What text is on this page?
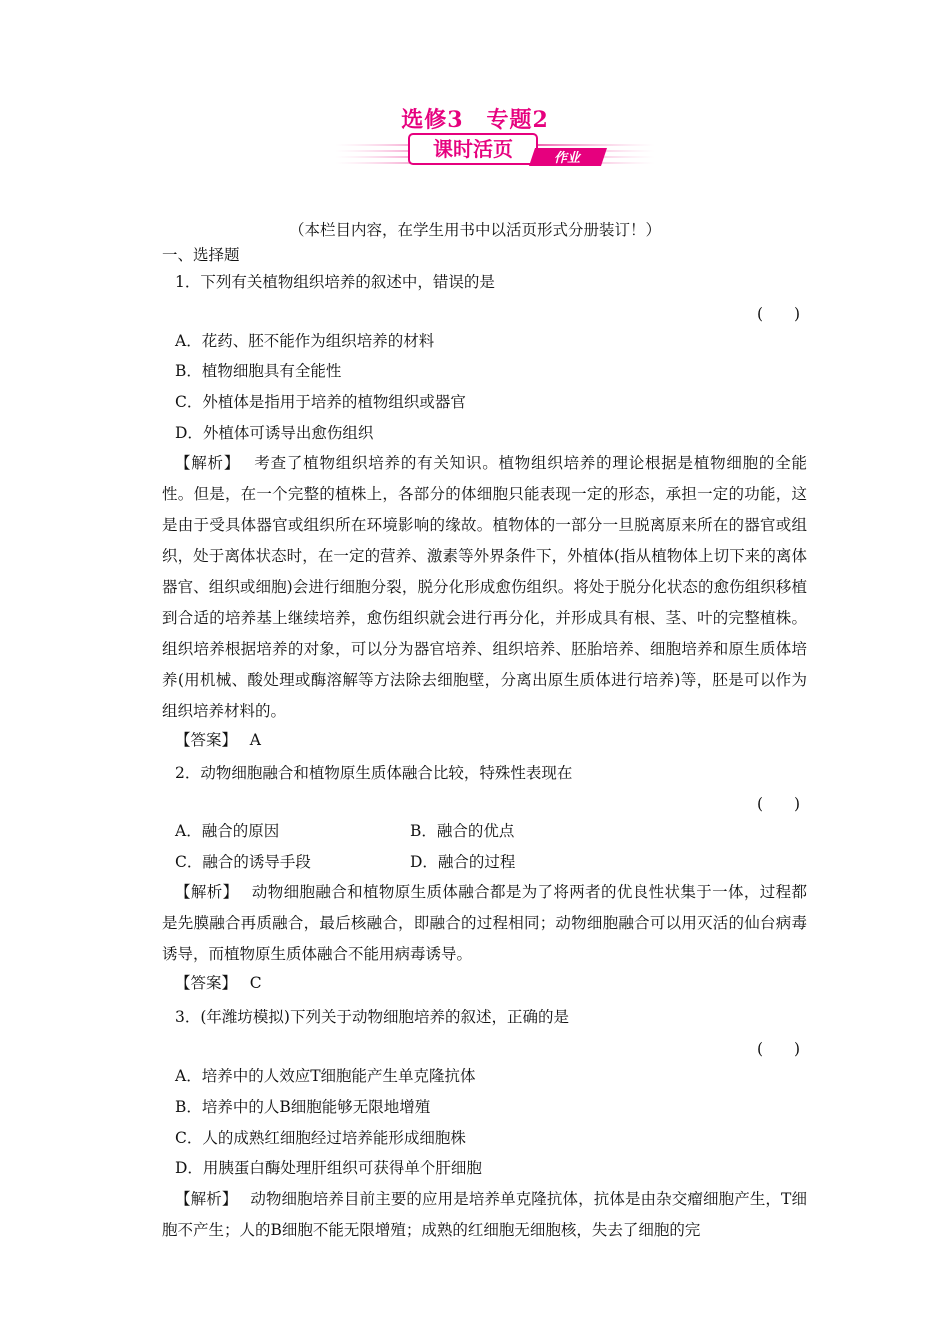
选修3　专题2
课时活页	作业
（本栏目内容，在学生用书中以活页形式分册装订！）
一、选择题
1．下列有关植物组织培养的叙述中，错误的是
(　　)
A．花药、胚不能作为组织培养的材料
B．植物细胞具有全能性
C．外植体是指用于培养的植物组织或器官
D．外植体可诱导出愈伤组织
【解析】　 考查了植物组织培养的有关知识。植物组织培养的理论根据是植物细胞的全能性。但是，在一个完整的植株上，各部分的体细胞只能表现一定的形态，承担一定的功能，这是由于受具体器官或组织所在环境影响的缘故。植物体的一部分一旦脱离原来所在的器官或组织，处于离体状态时，在一定的营养、激素等外界条件下，外植体(指从植物体上切下来的离体器官、组织或细胞)会进行细胞分裂，脱分化形成愈伤组织。将处于脱分化状态的愈伤组织移植到合适的培养基上继续培养，愈伤组织就会进行再分化，并形成具有根、茎、叶的完整植株。组织培养根据培养的对象，可以分为器官培养、组织培养、胚胎培养、细胞培养和原生质体培养(用机械、酸处理或酶溶解等方法除去细胞壁，分离出原生质体进行培养)等，胚是可以作为组织培养材料的。
【答案】　 A
2．动物细胞融合和植物原生质体融合比较，特殊性表现在
(　　)
A．融合的原因	B．融合的优点
C．融合的诱导手段	D．融合的过程
【解析】　 动物细胞融合和植物原生质体融合都是为了将两者的优良性状集于一体，过程都是先膜融合再质融合，最后核融合，即融合的过程相同；动物细胞融合可以用灭活的仙台病毒诱导，而植物原生质体融合不能用病毒诱导。
【答案】　 C
3．(年潍坊模拟)下列关于动物细胞培养的叙述，正确的是
(　　)
A．培养中的人效应T细胞能产生单克隆抗体
B．培养中的人B细胞能够无限地增殖
C．人的成熟红细胞经过培养能形成细胞株
D．用胰蛋白酶处理肝组织可获得单个肝细胞
【解析】　 动物细胞培养目前主要的应用是培养单克隆抗体，抗体是由杂交瘤细胞产生，T细胞不产生；人的B细胞不能无限增殖；成熟的红细胞无细胞核，失去了细胞的完
